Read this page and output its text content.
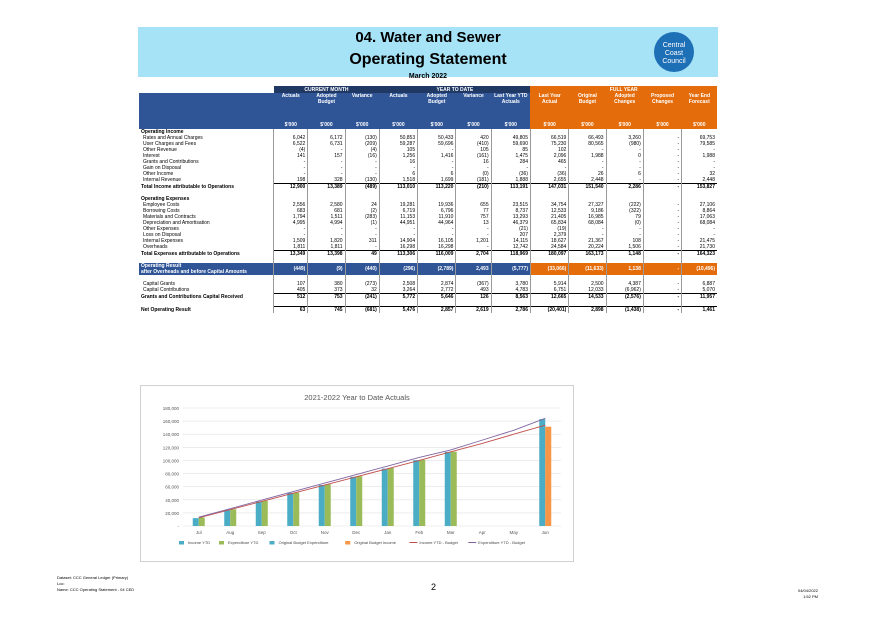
04. Water and Sewer
Operating Statement
Central
Coast
Council
March 2022
	CURRENT MONTH			YEAR TO DATE				FULL YEAR				
	Actuals	Adopted Budget	Variance	Actuals	Adopted Budget	Variance	Last Year YTD Actuals	Last Year Actual	Original Budget	Adopted Changes	Proposed Changes	Year End Forecast
	$'000	$'000	$'000	$'000	$'000	$'000	$'000	$'000	$'000	$'000	$'000	$'000
Operating Income												
Rates and Annual Charges	6,042	6,172	(130)	50,853	50,433	420	49,805	66,519	66,493	3,260	-	69,753
User Charges and Fees	6,522	6,731	(209)	59,287	59,696	(410)	59,690	75,230	80,565	(980)	-	79,585
Other Revenue	(4)	-	(4)	105	-	105	85	102	-	-	-	-
Interest	141	157	(16)	1,256	1,416	(161)	1,475	2,096	1,988	0	-	1,988
Grants and Contributions	-	-	-	16	-	16	284	465	-	-	-	-
Gain on Disposal	-	-	-	-	-	-	-	-	-	-	-	-
Other Income	-	-	-	6	6	(0)	(36)	(36)	26	6	-	32
Internal Revenue	198	328	(130)	1,518	1,699	(181)	1,888	2,655	2,448	-	-	2,448
Total Income attributable to Operations	12,900	13,389	(489)	113,010	113,220	(210)	113,191	147,031	151,540	2,286	-	153,827

Operating Expenses												
Employee Costs	2,556	2,580	24	19,281	19,936	655	23,515	34,754	27,327	(222)	-	27,106
Borrowing Costs	683	681	(2)	6,719	6,796	77	8,737	12,533	9,186	(322)	-	8,864
Materials and Contracts	1,794	1,511	(283)	11,153	11,910	757	13,293	21,405	16,985	79	-	17,063
Depreciation and Amortisation	4,995	4,994	(1)	44,951	44,964	13	46,379	65,834	68,084	(0)	-	68,084
Other Expenses	-	-	-	-	-	-	(21)	(19)	-	-	-	-
Loss on Disposal	-	-	-	-	-	-	207	2,379	-	-	-	-
Internal Expenses	1,509	1,820	311	14,904	16,105	1,201	14,115	18,627	21,367	108	-	21,475
Overheads	1,811	1,811	-	16,298	16,298	-	12,742	24,584	20,224	1,506	-	21,730
Total Expenses attributable to Operations	13,349	13,398	49	113,306	116,009	2,704	118,969	180,097	163,173	1,148	-	164,323

Operating Result
after Overheads and before Capital Amounts	(449)	(9)	(440)	(296)	(2,789)	2,493	(5,777)	(33,066)	(11,633)	1,138	-	(10,496)

Capital Grants	107	380	(273)	2,508	2,874	(367)	3,780	5,914	2,500	4,387	-	6,887
Capital Contributions	405	373	32	3,264	2,772	493	4,783	6,751	12,033	(6,962)	-	5,070
Grants and Contributions Capital Received	512	753	(241)	5,772	5,646	126	8,563	12,665	14,533	(2,576)	-	11,957

Net Operating Result	63	745	(681)	5,476	2,857	2,619	2,786	(20,401)	2,898	(1,438)	-	1,461
2021-2022 Year to Date Actuals
-
20,000
40,000
60,000
80,000
100,000
120,000
140,000
160,000
180,000
Jul	Aug	Sep	Oct	Nov	Dec	Jan	Feb	Mar	Apr	May	Jun
Income YTD	Expenditure YTD	Original Budget Expenditure	Original Budget Income	Income YTD - Budget	Expenditure YTD - Budget
Dataset: CCC General Ledger (Primary)
Loc:
Name: CCC Operating Statement - 04 CED	2	04/04/2022
1:52 PM
